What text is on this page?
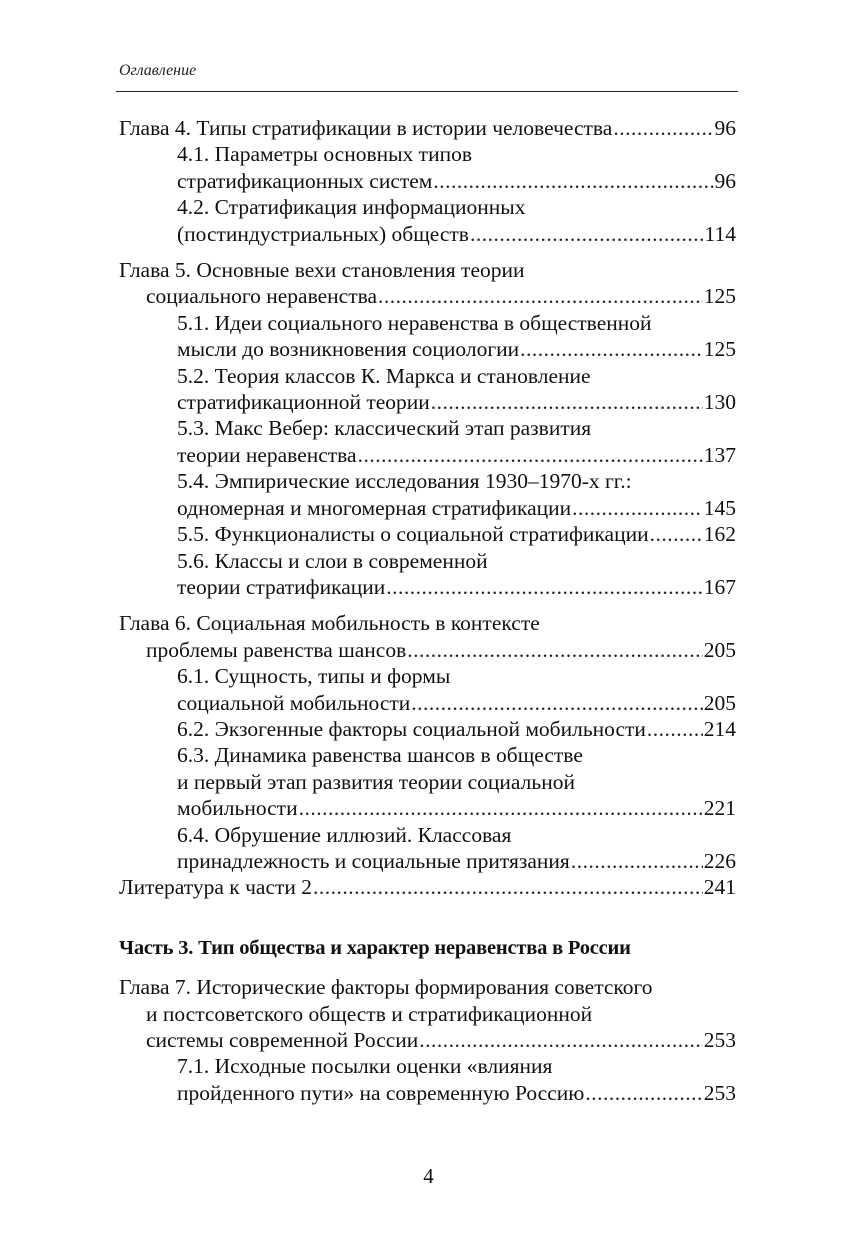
Оглавление
Глава 4. Типы стратификации в истории человечества .....	96
4.1. Параметры основных типов
стратификационных систем .....	96
4.2. Стратификация информационных
(постиндустриальных) обществ .....	114
Глава 5. Основные вехи становления теории
социального неравенства .....	125
5.1. Идеи социального неравенства в общественной
мысли до возникновения социологии .....	125
5.2. Теория классов К. Маркса и становление
стратификационной теории .....	130
5.3. Макс Вебер: классический этап развития
теории неравенства .....	137
5.4. Эмпирические исследования 1930–1970-х гг.:
одномерная и многомерная стратификации .....	145
5.5. Функционалисты о социальной стратификации .....	162
5.6. Классы и слои в современной
теории стратификации .....	167
Глава 6. Социальная мобильность в контексте
проблемы равенства шансов .....	205
6.1. Сущность, типы и формы
социальной мобильности .....	205
6.2. Экзогенные факторы социальной мобильности .....	214
6.3. Динамика равенства шансов в обществе
и первый этап развития теории социальной
мобильности .....	221
6.4. Обрушение иллюзий. Классовая
принадлежность и социальные притязания .....	226
Литература к части 2 .....	241
Часть 3. Тип общества и характер неравенства в России
Глава 7. Исторические факторы формирования советского
и постсоветского обществ и стратификационной
системы современной России .....	253
7.1. Исходные посылки оценки «влияния
пройденного пути» на современную Россию .....	253
4
